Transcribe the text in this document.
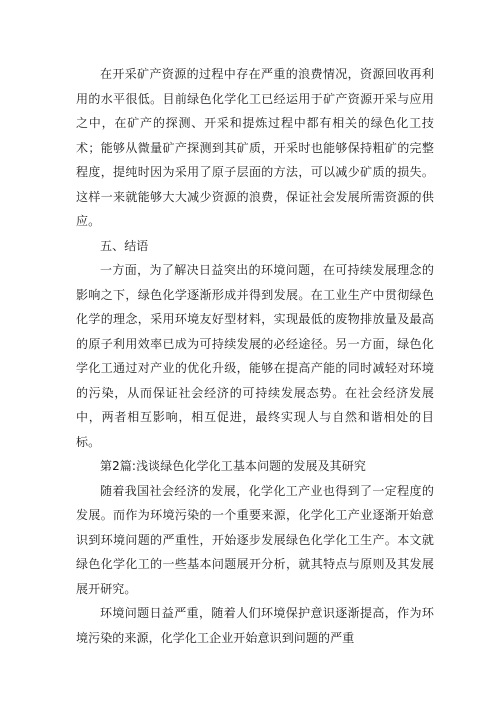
在开采矿产资源的过程中存在严重的浪费情况，资源回收再利用的水平很低。目前绿色化学化工已经运用于矿产资源开采与应用之中，在矿产的探测、开采和提炼过程中都有相关的绿色化工技术；能够从微量矿产探测到其矿质，开采时也能够保持粗矿的完整程度，提纯时因为采用了原子层面的方法，可以减少矿质的损失。这样一来就能够大大减少资源的浪费，保证社会发展所需资源的供应。

五、结语

一方面，为了解决日益突出的环境问题，在可持续发展理念的影响之下，绿色化学逐渐形成并得到发展。在工业生产中贯彻绿色化学的理念，采用环境友好型材料，实现最低的废物排放量及最高的原子利用效率已成为可持续发展的必经途径。另一方面，绿色化学化工通过对产业的优化升级，能够在提高产能的同时减轻对环境的污染，从而保证社会经济的可持续发展态势。在社会经济发展中，两者相互影响，相互促进，最终实现人与自然和谐相处的目标。

第2篇:浅谈绿色化学化工基本问题的发展及其研究

随着我国社会经济的发展，化学化工产业也得到了一定程度的发展。而作为环境污染的一个重要来源，化学化工产业逐渐开始意识到环境问题的严重性，开始逐步发展绿色化学化工生产。本文就绿色化学化工的一些基本问题展开分析，就其特点与原则及其发展展开研究。

环境问题日益严重，随着人们环境保护意识逐渐提高，作为环境污染的来源，化学化工企业开始意识到问题的严重
